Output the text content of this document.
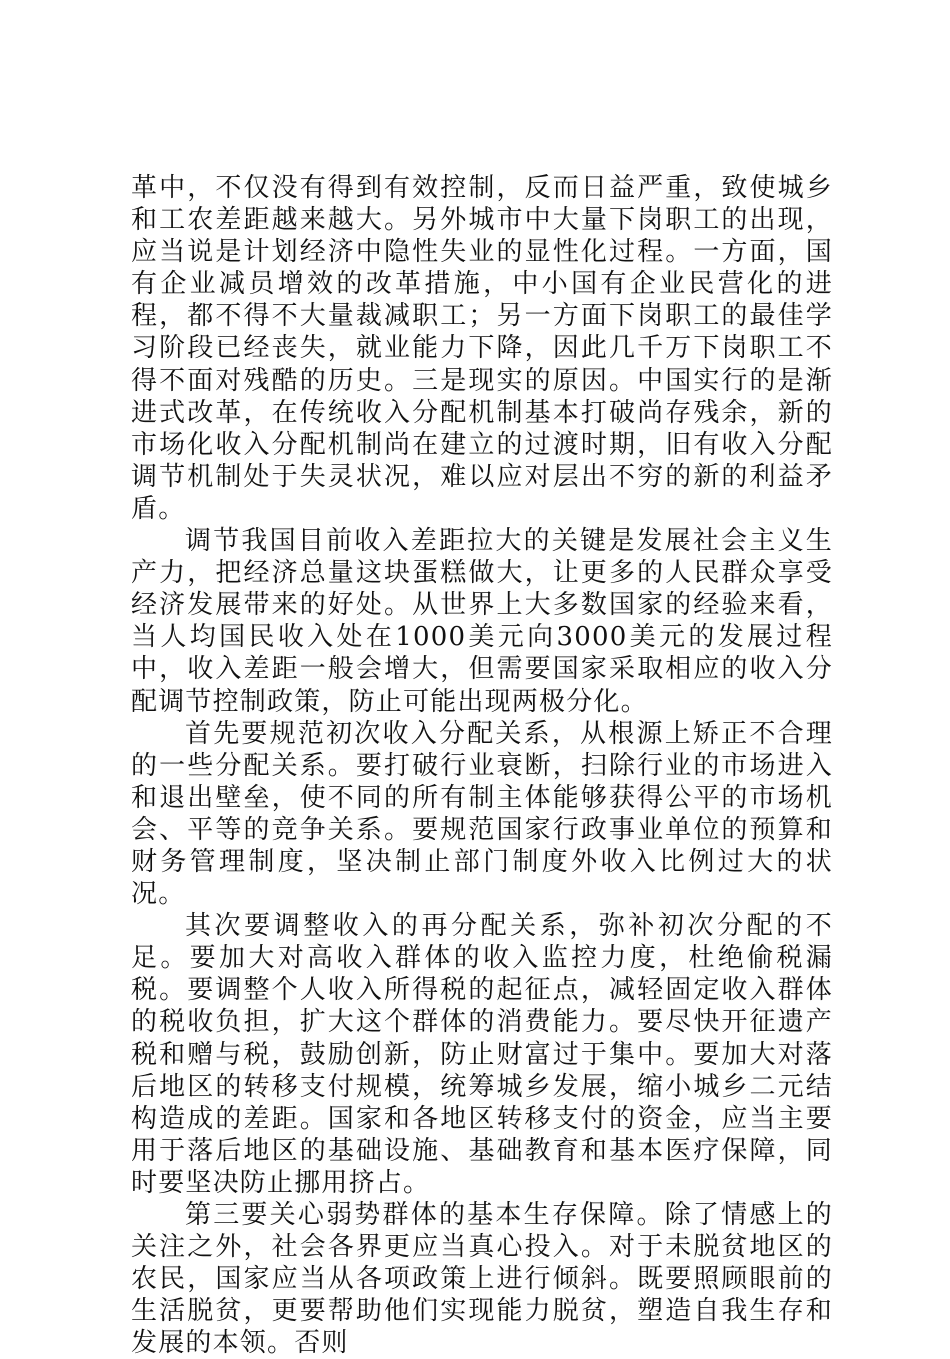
革中，不仅没有得到有效控制，反而日益严重，致使城乡和工农差距越来越大。另外城市中大量下岗职工的出现，应当说是计划经济中隐性失业的显性化过程。一方面，国有企业减员增效的改革措施，中小国有企业民营化的进程，都不得不大量裁减职工；另一方面下岗职工的最佳学习阶段已经丧失，就业能力下降，因此几千万下岗职工不得不面对残酷的历史。三是现实的原因。中国实行的是渐进式改革，在传统收入分配机制基本打破尚存残余，新的市场化收入分配机制尚在建立的过渡时期，旧有收入分配调节机制处于失灵状况，难以应对层出不穷的新的利益矛盾。

调节我国目前收入差距拉大的关键是发展社会主义生产力，把经济总量这块蛋糕做大，让更多的人民群众享受经济发展带来的好处。从世界上大多数国家的经验来看，当人均国民收入处在1000美元向3000美元的发展过程中，收入差距一般会增大，但需要国家采取相应的收入分配调节控制政策，防止可能出现两极分化。

首先要规范初次收入分配关系，从根源上矫正不合理的一些分配关系。要打破行业衰断，扫除行业的市场进入和退出壁垒，使不同的所有制主体能够获得公平的市场机会、平等的竞争关系。要规范国家行政事业单位的预算和财务管理制度，坚决制止部门制度外收入比例过大的状况。

其次要调整收入的再分配关系，弥补初次分配的不足。要加大对高收入群体的收入监控力度，杜绝偷税漏税。要调整个人收入所得税的起征点，减轻固定收入群体的税收负担，扩大这个群体的消费能力。要尽快开征遗产税和赠与税，鼓励创新，防止财富过于集中。要加大对落后地区的转移支付规模，统筹城乡发展，缩小城乡二元结构造成的差距。国家和各地区转移支付的资金，应当主要用于落后地区的基础设施、基础教育和基本医疗保障，同时要坚决防止挪用挤占。

第三要关心弱势群体的基本生存保障。除了情感上的关注之外，社会各界更应当真心投入。对于未脱贫地区的农民，国家应当从各项政策上进行倾斜。既要照顾眼前的生活脱贫，更要帮助他们实现能力脱贫，塑造自我生存和发展的本领。否则
